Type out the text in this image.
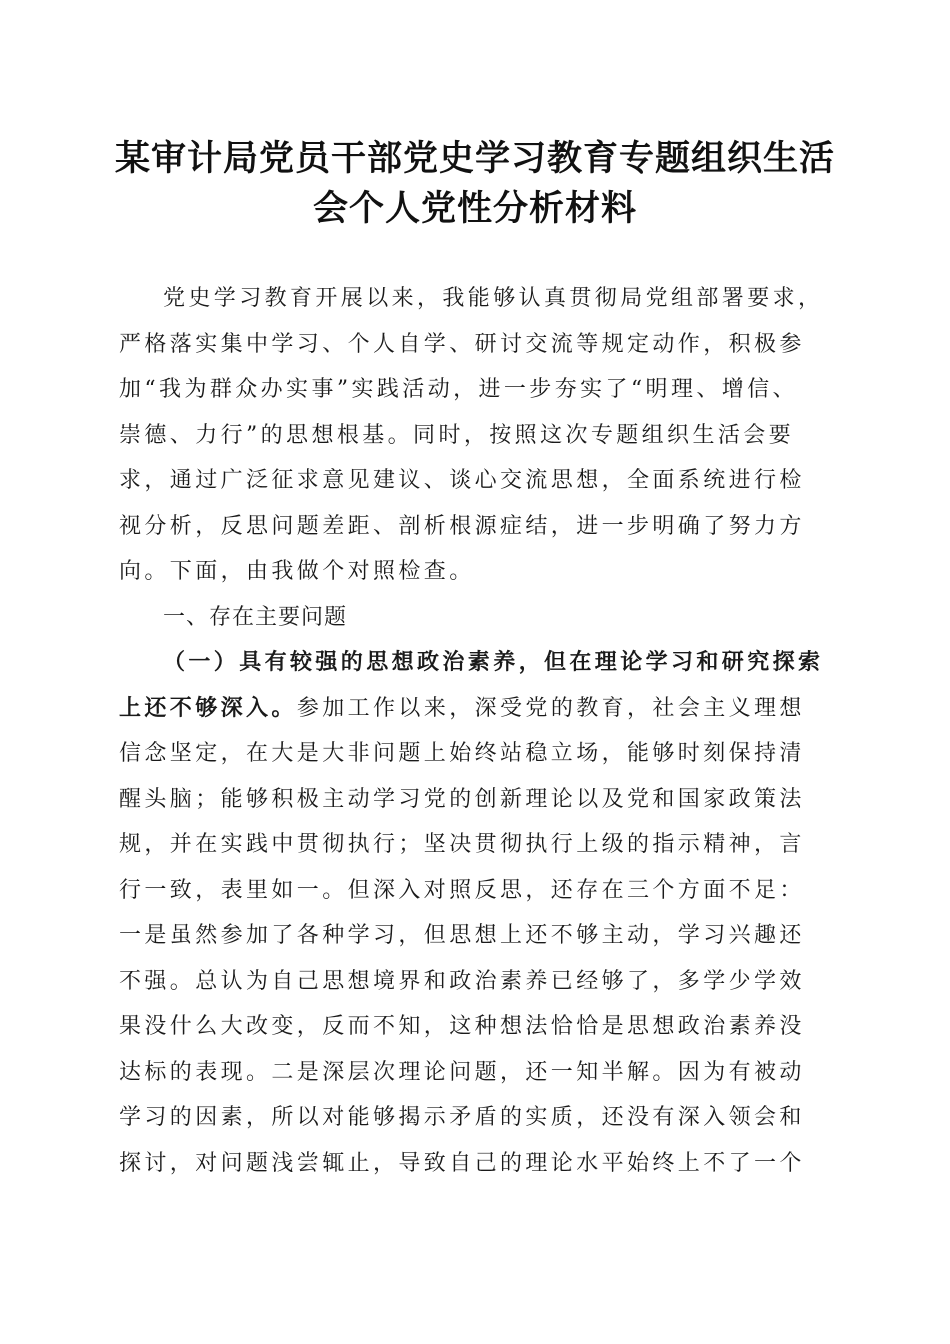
某审计局党员干部党史学习教育专题组织生活
会个人党性分析材料
党史学习教育开展以来，我能够认真贯彻局党组部署要求，
严格落实集中学习、个人自学、研讨交流等规定动作，积极参
加“我为群众办实事”实践活动，进一步夯实了“明理、增信、
崇德、力行”的思想根基。同时，按照这次专题组织生活会要
求，通过广泛征求意见建议、谈心交流思想，全面系统进行检
视分析，反思问题差距、剖析根源症结，进一步明确了努力方
向。下面，由我做个对照检查。
一、存在主要问题
（一）具有较强的思想政治素养，但在理论学习和研究探索
上还不够深入。参加工作以来，深受党的教育，社会主义理想
信念坚定，在大是大非问题上始终站稳立场，能够时刻保持清
醒头脑；能够积极主动学习党的创新理论以及党和国家政策法
规，并在实践中贯彻执行；坚决贯彻执行上级的指示精神，言
行一致，表里如一。但深入对照反思，还存在三个方面不足：
一是虽然参加了各种学习，但思想上还不够主动，学习兴趣还
不强。总认为自己思想境界和政治素养已经够了，多学少学效
果没什么大改变，反而不知，这种想法恰恰是思想政治素养没
达标的表现。二是深层次理论问题，还一知半解。因为有被动
学习的因素，所以对能够揭示矛盾的实质，还没有深入领会和
探讨，对问题浅尝辄止，导致自己的理论水平始终上不了一个
